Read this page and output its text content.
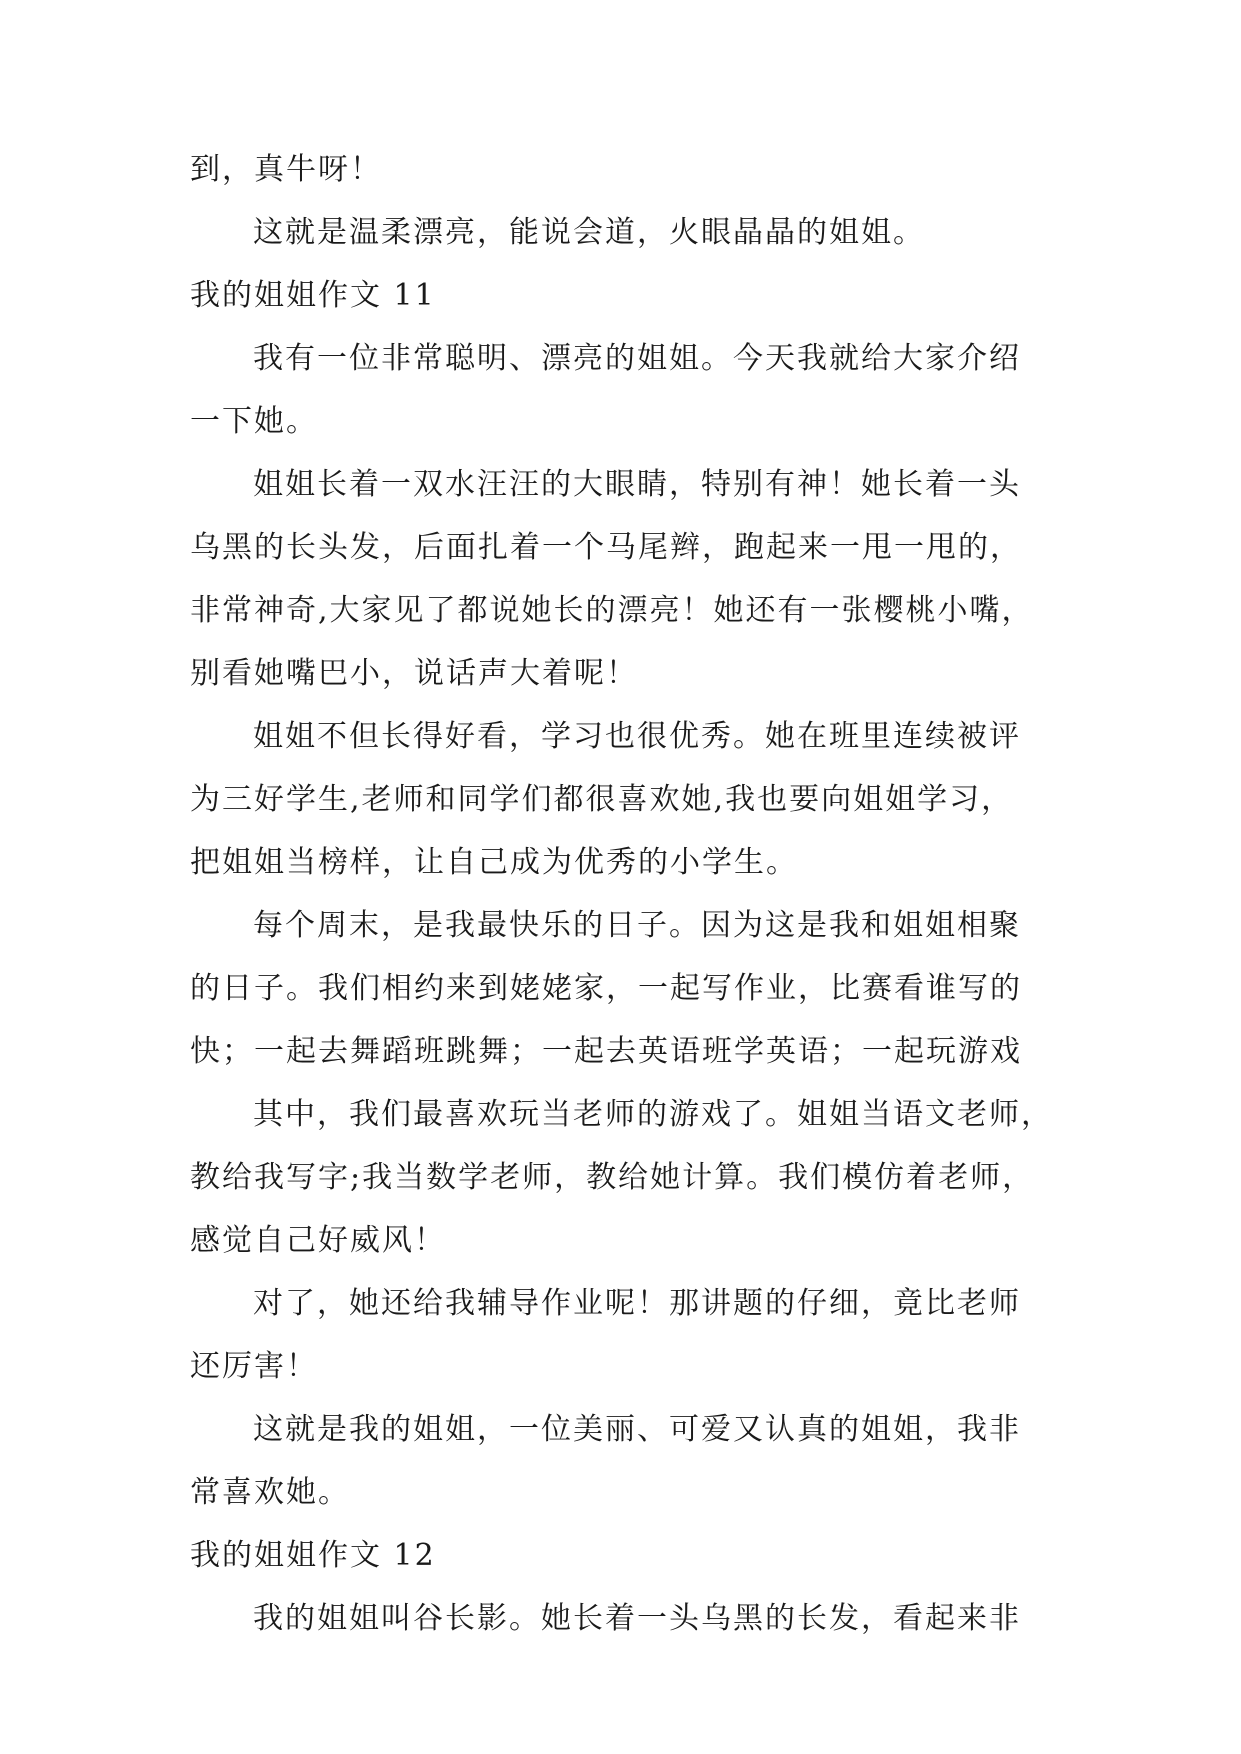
到，真牛呀！
这就是温柔漂亮，能说会道，火眼晶晶的姐姐。
我的姐姐作文 11
我有一位非常聪明、漂亮的姐姐。今天我就给大家介绍
一下她。
姐姐长着一双水汪汪的大眼睛，特别有神！她长着一头
乌黑的长头发，后面扎着一个马尾辫，跑起来一甩一甩的，
非常神奇,大家见了都说她长的漂亮！她还有一张樱桃小嘴，
别看她嘴巴小，说话声大着呢！
姐姐不但长得好看，学习也很优秀。她在班里连续被评
为三好学生,老师和同学们都很喜欢她,我也要向姐姐学习，
把姐姐当榜样，让自己成为优秀的小学生。
每个周末，是我最快乐的日子。因为这是我和姐姐相聚
的日子。我们相约来到姥姥家，一起写作业，比赛看谁写的
快；一起去舞蹈班跳舞；一起去英语班学英语；一起玩游戏
其中，我们最喜欢玩当老师的游戏了。姐姐当语文老师，
教给我写字;我当数学老师，教给她计算。我们模仿着老师，
感觉自己好威风！
对了，她还给我辅导作业呢！那讲题的仔细，竟比老师
还厉害！
这就是我的姐姐，一位美丽、可爱又认真的姐姐，我非
常喜欢她。
我的姐姐作文 12
我的姐姐叫谷长影。她长着一头乌黑的长发，看起来非
